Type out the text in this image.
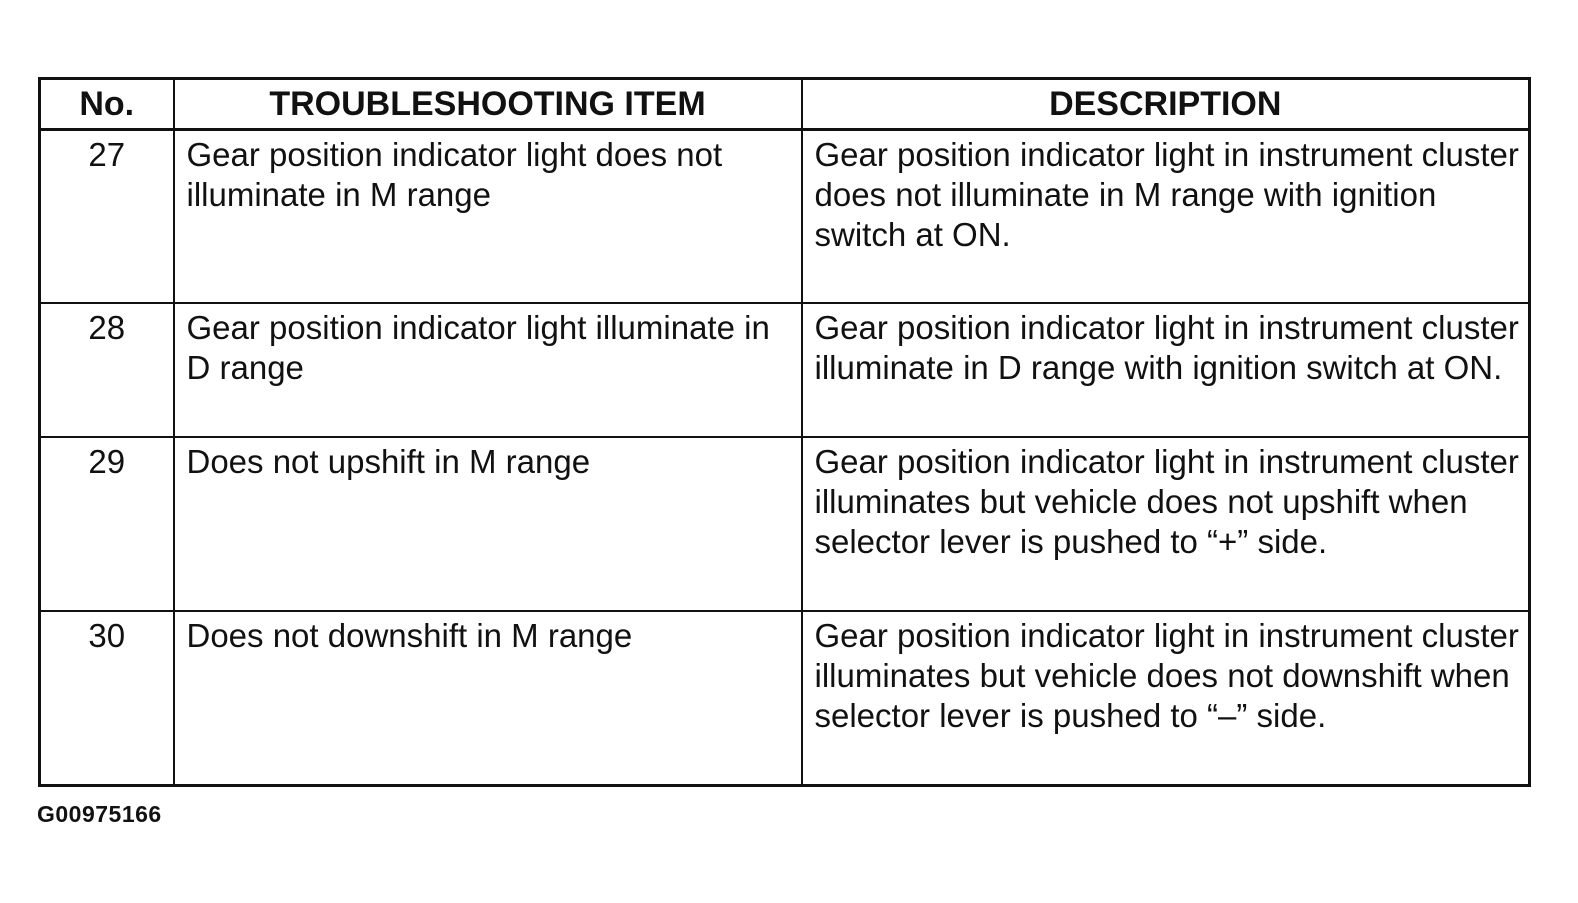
No.	TROUBLESHOOTING ITEM	DESCRIPTION
27	Gear position indicator light does not illuminate in M range	Gear position indicator light in instrument cluster does not illuminate in M range with ignition switch at ON.
28	Gear position indicator light illuminate in D range	Gear position indicator light in instrument cluster illuminate in D range with ignition switch at ON.
29	Does not upshift in M range	Gear position indicator light in instrument cluster illuminates but vehicle does not upshift when selector lever is pushed to “+” side.
30	Does not downshift in M range	Gear position indicator light in instrument cluster illuminates but vehicle does not downshift when selector lever is pushed to “–” side.
G00975166
